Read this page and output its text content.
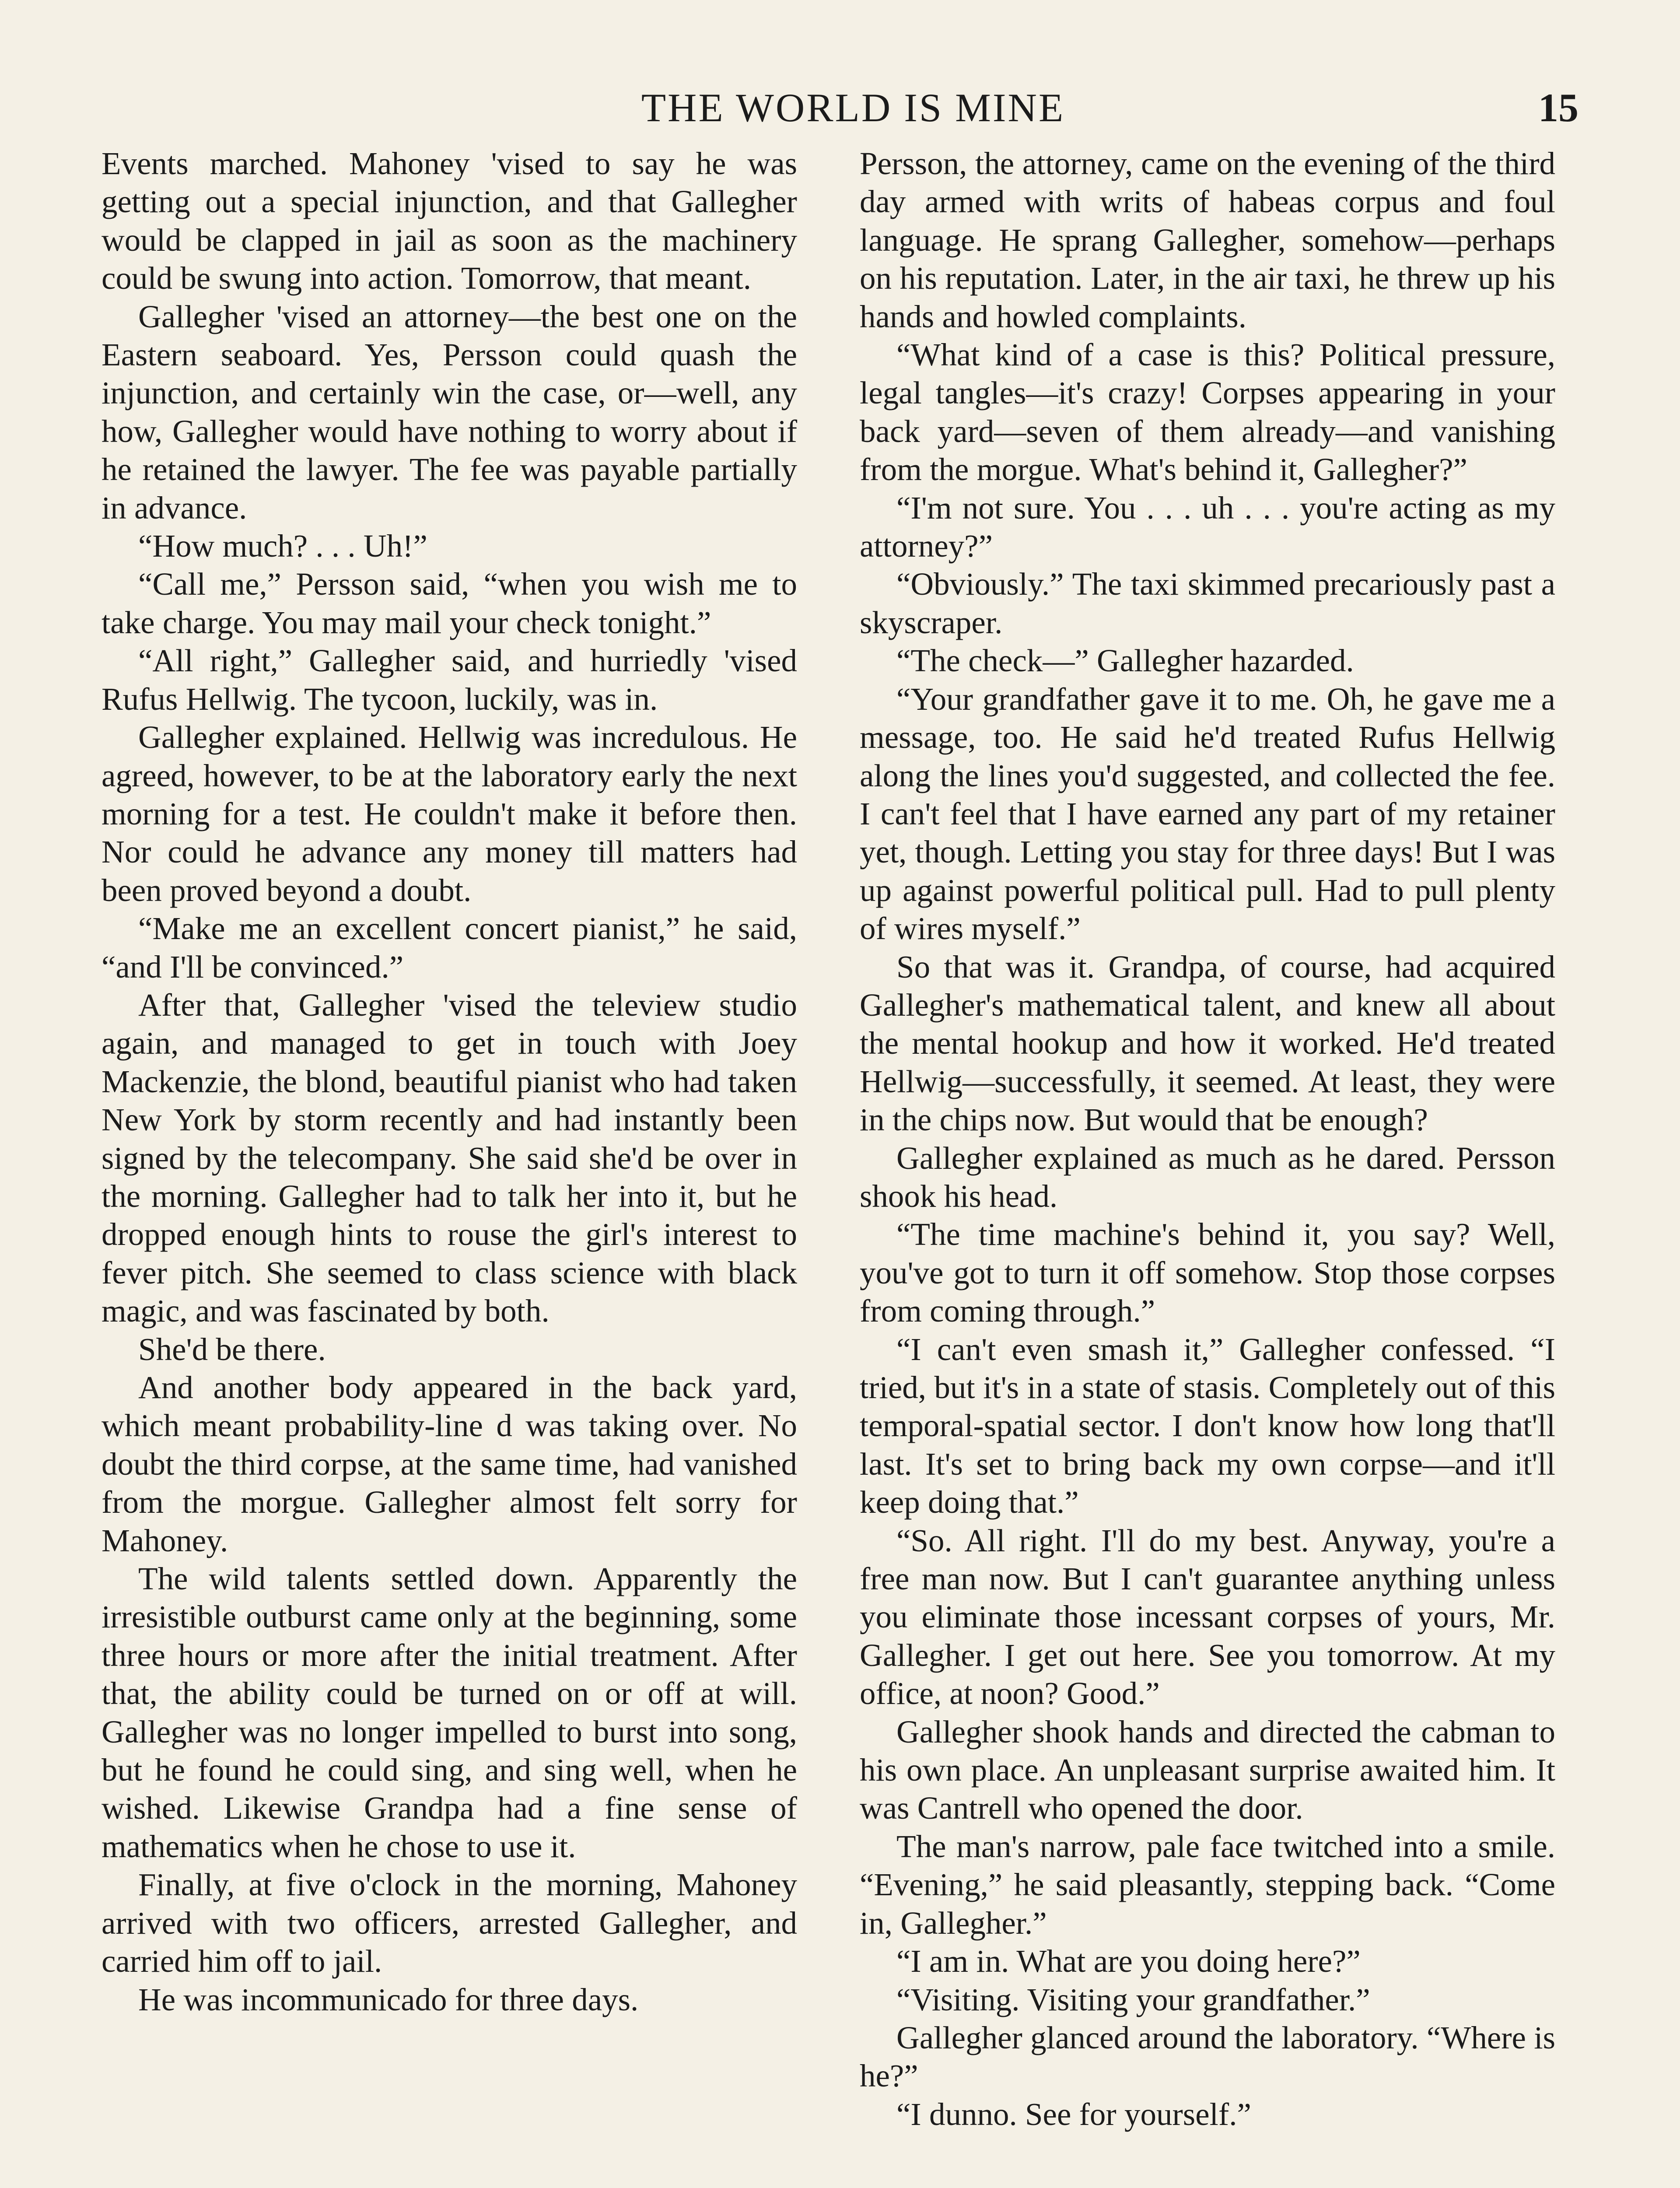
THE WORLD IS MINE	15

Events marched. Mahoney 'vised to say he was getting out a special injunction, and that Gallegher would be clapped in jail as soon as the machinery could be swung into action. Tomorrow, that meant.

Gallegher 'vised an attorney—the best one on the Eastern seaboard. Yes, Persson could quash the injunction, and certainly win the case, or—well, any how, Gallegher would have nothing to worry about if he retained the lawyer. The fee was payable partially in advance.

“How much? . . . Uh!”

“Call me,” Persson said, “when you wish me to take charge. You may mail your check tonight.”

“All right,” Gallegher said, and hurriedly 'vised Rufus Hellwig. The tycoon, luckily, was in.

Gallegher explained. Hellwig was incredulous. He agreed, however, to be at the laboratory early the next morning for a test. He couldn't make it before then. Nor could he advance any money till matters had been proved beyond a doubt.

“Make me an excellent concert pianist,” he said, “and I'll be convinced.”

After that, Gallegher 'vised the teleview studio again, and managed to get in touch with Joey Mackenzie, the blond, beautiful pianist who had taken New York by storm recently and had instantly been signed by the telecompany. She said she'd be over in the morning. Gallegher had to talk her into it, but he dropped enough hints to rouse the girl's interest to fever pitch. She seemed to class science with black magic, and was fascinated by both.

She'd be there.

And another body appeared in the back yard, which meant probability-line d was taking over. No doubt the third corpse, at the same time, had vanished from the morgue. Gallegher almost felt sorry for Mahoney.

The wild talents settled down. Apparently the irresistible outburst came only at the beginning, some three hours or more after the initial treatment. After that, the ability could be turned on or off at will. Gallegher was no longer impelled to burst into song, but he found he could sing, and sing well, when he wished. Likewise Grandpa had a fine sense of mathematics when he chose to use it.

Finally, at five o'clock in the morning, Mahoney arrived with two officers, arrested Gallegher, and carried him off to jail.

He was incommunicado for three days.

Persson, the attorney, came on the evening of the third day armed with writs of habeas corpus and foul language. He sprang Gallegher, somehow—perhaps on his reputation. Later, in the air taxi, he threw up his hands and howled complaints.

“What kind of a case is this? Political pressure, legal tangles—it's crazy! Corpses appearing in your back yard—seven of them already—and vanishing from the morgue. What's behind it, Gallegher?”

“I'm not sure. You . . . uh . . . you're acting as my attorney?”

“Obviously.” The taxi skimmed precariously past a skyscraper.

“The check—” Gallegher hazarded.

“Your grandfather gave it to me. Oh, he gave me a message, too. He said he'd treated Rufus Hellwig along the lines you'd suggested, and collected the fee. I can't feel that I have earned any part of my retainer yet, though. Letting you stay for three days! But I was up against powerful political pull. Had to pull plenty of wires myself.”

So that was it. Grandpa, of course, had acquired Gallegher's mathematical talent, and knew all about the mental hookup and how it worked. He'd treated Hellwig—successfully, it seemed. At least, they were in the chips now. But would that be enough?

Gallegher explained as much as he dared. Persson shook his head.

“The time machine's behind it, you say? Well, you've got to turn it off somehow. Stop those corpses from coming through.”

“I can't even smash it,” Gallegher confessed. “I tried, but it's in a state of stasis. Completely out of this temporal-spatial sector. I don't know how long that'll last. It's set to bring back my own corpse—and it'll keep doing that.”

“So. All right. I'll do my best. Anyway, you're a free man now. But I can't guarantee anything unless you eliminate those incessant corpses of yours, Mr. Gallegher. I get out here. See you tomorrow. At my office, at noon? Good.”

Gallegher shook hands and directed the cabman to his own place. An unpleasant surprise awaited him. It was Cantrell who opened the door.

The man's narrow, pale face twitched into a smile. “Evening,” he said pleasantly, stepping back. “Come in, Gallegher.”

“I am in. What are you doing here?”

“Visiting. Visiting your grandfather.”

Gallegher glanced around the laboratory. “Where is he?”

“I dunno. See for yourself.”
